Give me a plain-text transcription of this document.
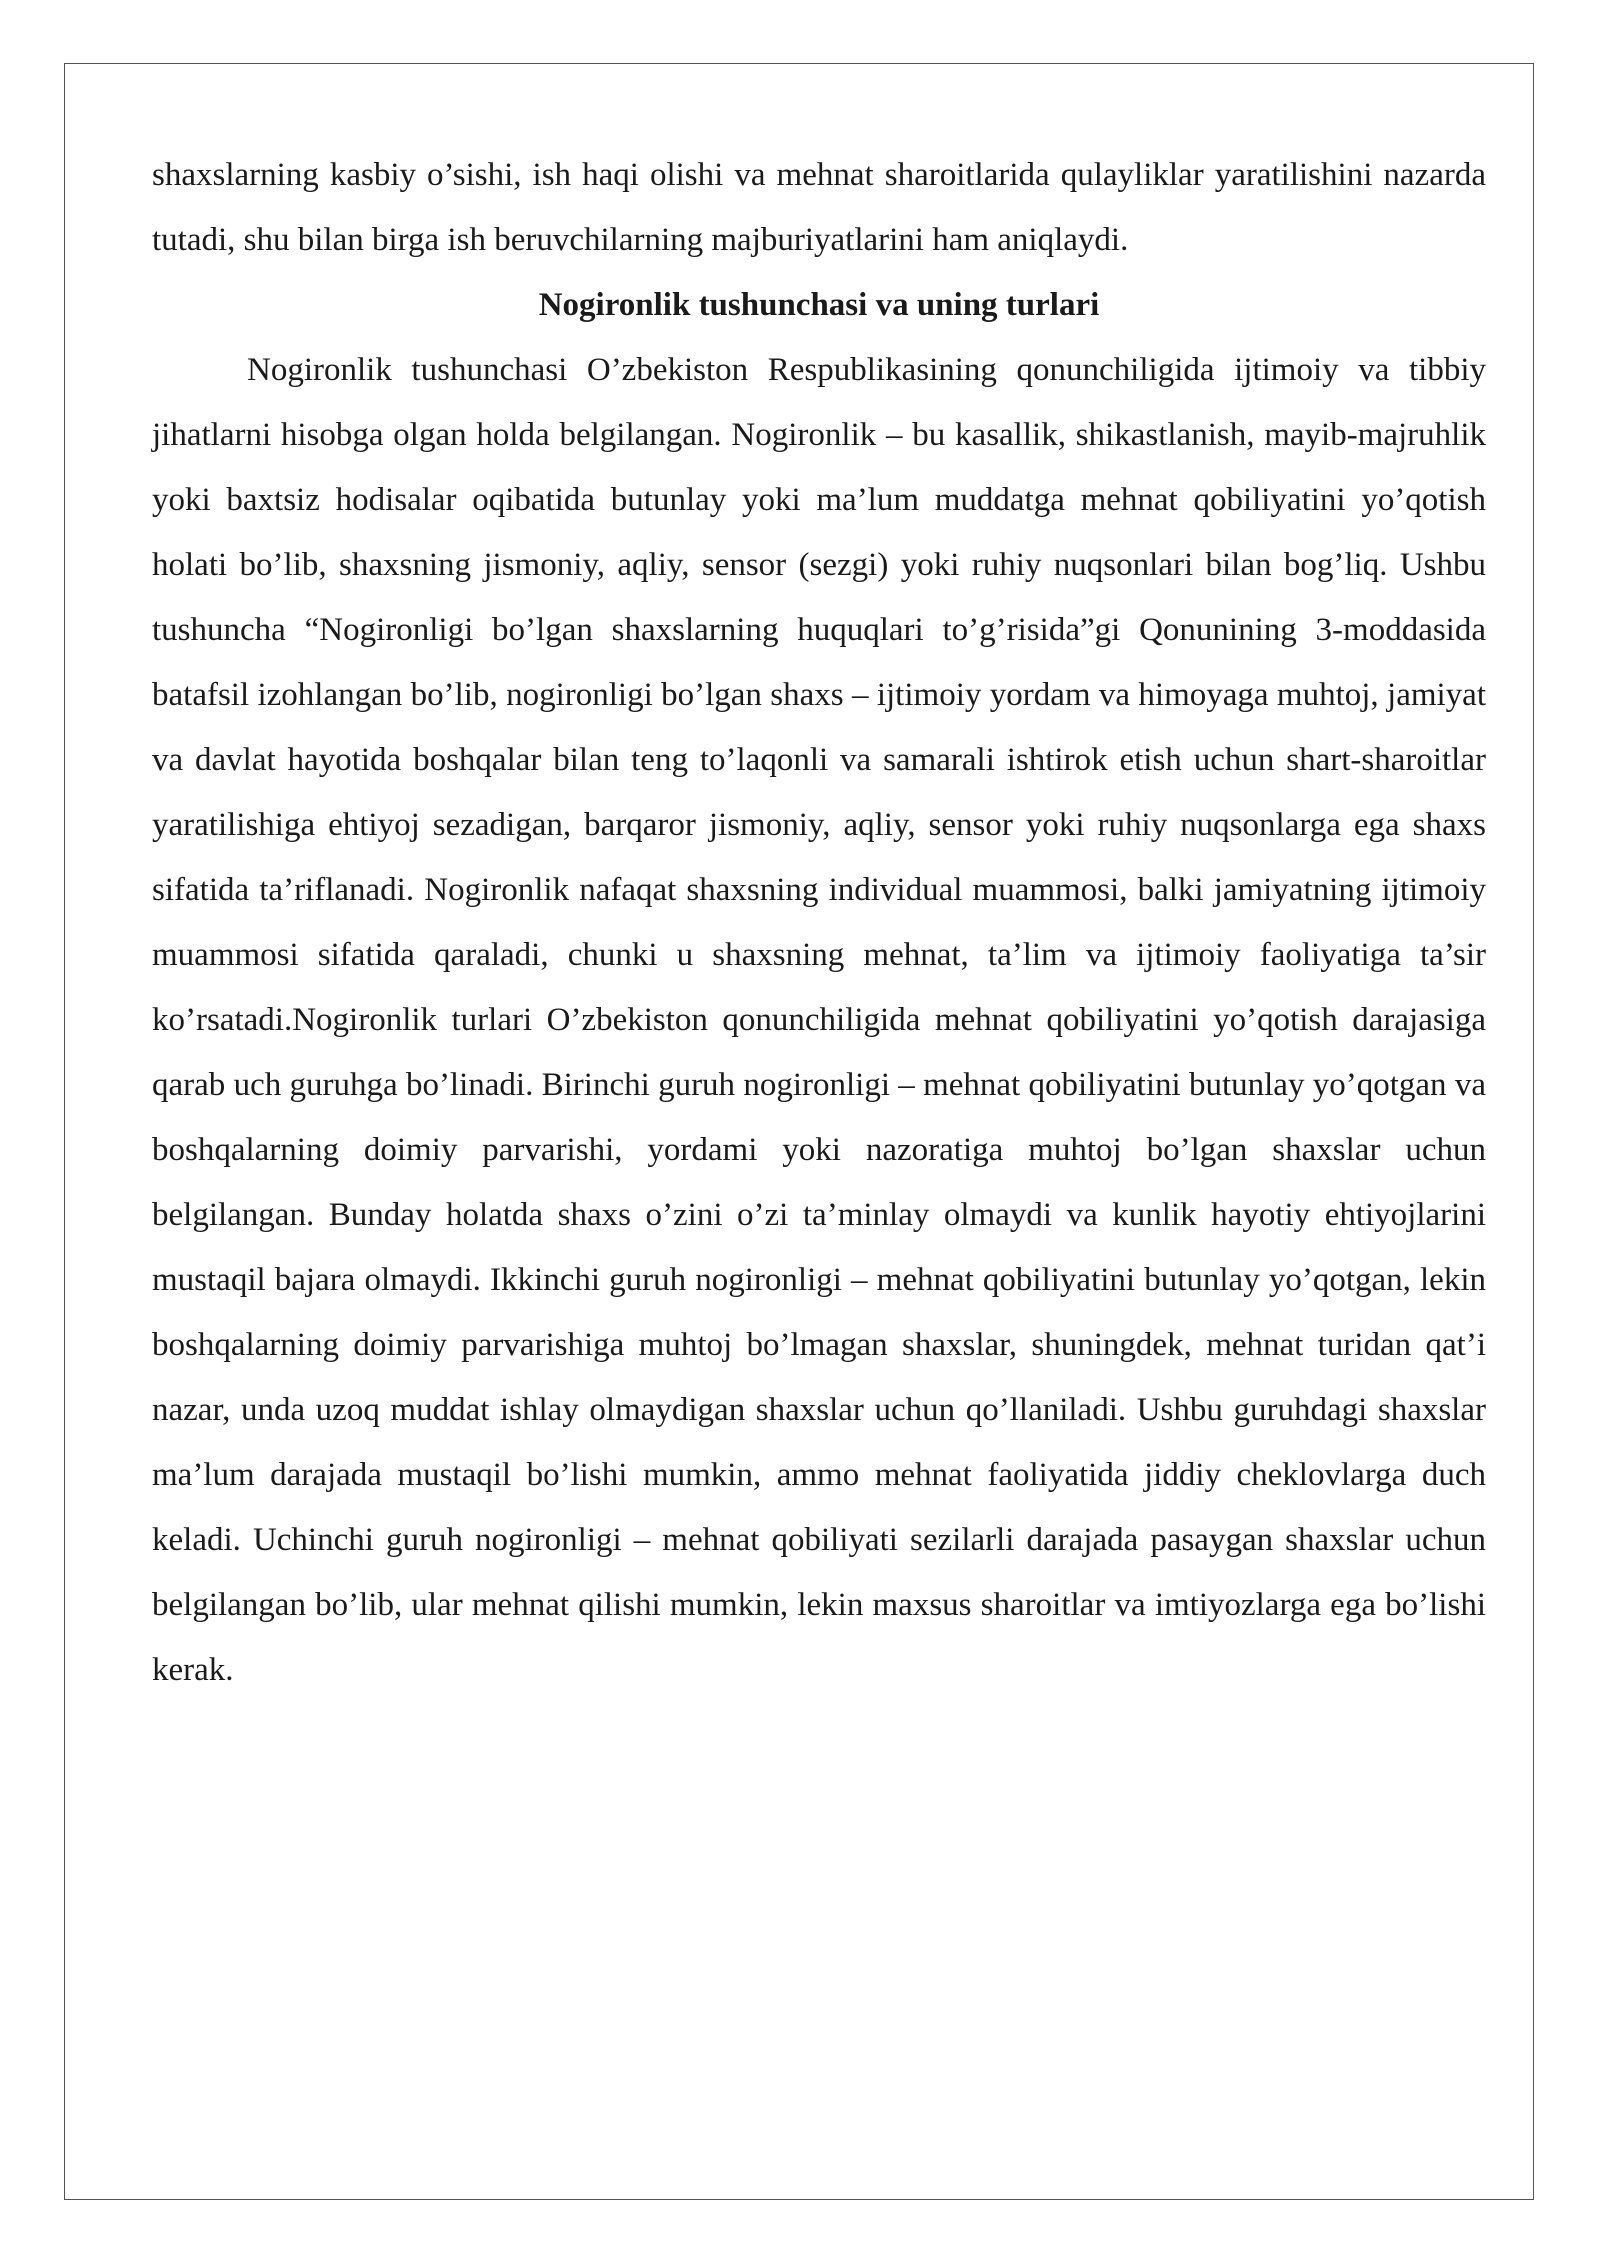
shaxslarning kasbiy o’sishi, ish haqi olishi va mehnat sharoitlarida qulayliklar yaratilishini nazarda tutadi, shu bilan birga ish beruvchilarning majburiyatlarini ham aniqlaydi.

Nogironlik tushunchasi va uning turlari

Nogironlik tushunchasi O’zbekiston Respublikasining qonunchiligida ijtimoiy va tibbiy jihatlarni hisobga olgan holda belgilangan. Nogironlik – bu kasallik, shikastlanish, mayib-majruhlik yoki baxtsiz hodisalar oqibatida butunlay yoki ma’lum muddatga mehnat qobiliyatini yo’qotish holati bo’lib, shaxsning jismoniy, aqliy, sensor (sezgi) yoki ruhiy nuqsonlari bilan bog’liq. Ushbu tushuncha “Nogironligi bo’lgan shaxslarning huquqlari to’g’risida”gi Qonunining 3-moddasida batafsil izohlangan bo’lib, nogironligi bo’lgan shaxs – ijtimoiy yordam va himoyaga muhtoj, jamiyat va davlat hayotida boshqalar bilan teng to’laqonli va samarali ishtirok etish uchun shart-sharoitlar yaratilishiga ehtiyoj sezadigan, barqaror jismoniy, aqliy, sensor yoki ruhiy nuqsonlarga ega shaxs sifatida ta’riflanadi. Nogironlik nafaqat shaxsning individual muammosi, balki jamiyatning ijtimoiy muammosi sifatida qaraladi, chunki u shaxsning mehnat, ta’lim va ijtimoiy faoliyatiga ta’sir ko’rsatadi.Nogironlik turlari O’zbekiston qonunchiligida mehnat qobiliyatini yo’qotish darajasiga qarab uch guruhga bo’linadi. Birinchi guruh nogironligi – mehnat qobiliyatini butunlay yo’qotgan va boshqalarning doimiy parvarishi, yordami yoki nazoratiga muhtoj bo’lgan shaxslar uchun belgilangan. Bunday holatda shaxs o’zini o’zi ta’minlay olmaydi va kunlik hayotiy ehtiyojlarini mustaqil bajara olmaydi. Ikkinchi guruh nogironligi – mehnat qobiliyatini butunlay yo’qotgan, lekin boshqalarning doimiy parvarishiga muhtoj bo’lmagan shaxslar, shuningdek, mehnat turidan qat’i nazar, unda uzoq muddat ishlay olmaydigan shaxslar uchun qo’llaniladi. Ushbu guruhdagi shaxslar ma’lum darajada mustaqil bo’lishi mumkin, ammo mehnat faoliyatida jiddiy cheklovlarga duch keladi. Uchinchi guruh nogironligi – mehnat qobiliyati sezilarli darajada pasaygan shaxslar uchun belgilangan bo’lib, ular mehnat qilishi mumkin, lekin maxsus sharoitlar va imtiyozlarga ega bo’lishi kerak.
